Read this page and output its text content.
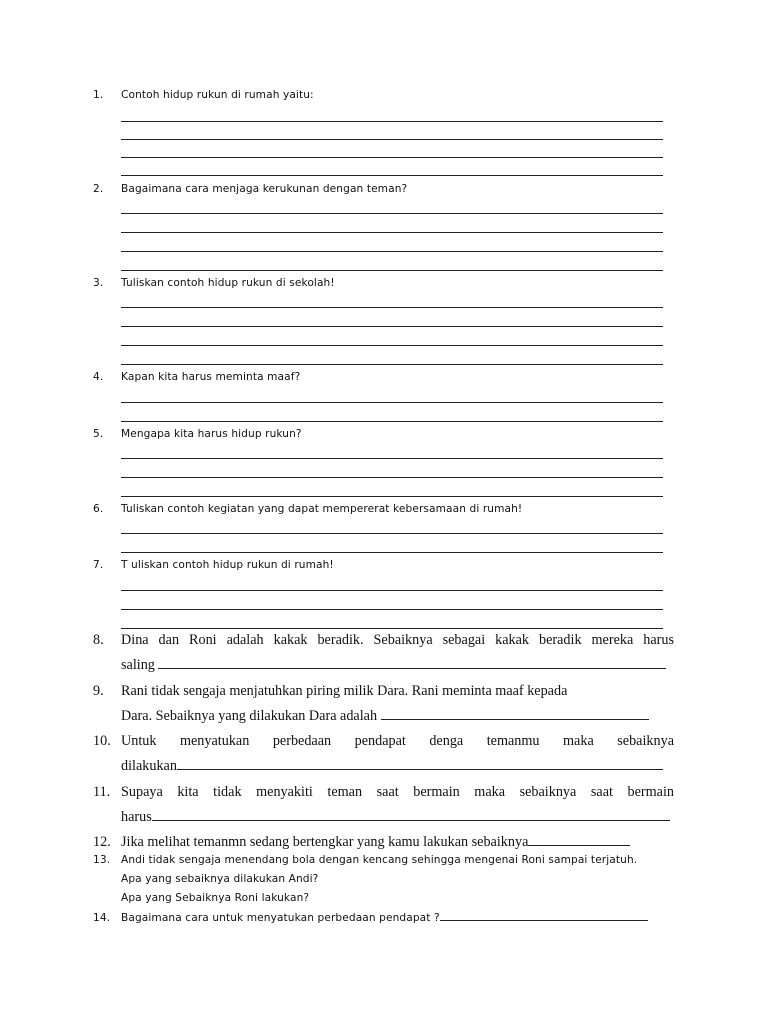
1. Contoh hidup rukun di rumah yaitu:
2. Bagaimana cara menjaga kerukunan dengan teman?
3. Tuliskan contoh hidup rukun di sekolah!
4. Kapan kita harus meminta maaf?
5. Mengapa kita harus hidup rukun?
6. Tuliskan contoh kegiatan yang dapat mempererat kebersamaan di rumah!
7. T uliskan contoh hidup rukun di rumah!
8. Dina dan Roni adalah kakak beradik. Sebaiknya sebagai kakak beradik mereka harus
saling
9. Rani tidak sengaja menjatuhkan piring milik Dara. Rani meminta maaf kepada
Dara. Sebaiknya yang dilakukan Dara adalah
10. Untuk menyatukan perbedaan pendapat denga temanmu maka sebaiknya
dilakukan
11. Supaya kita tidak menyakiti teman saat bermain maka sebaiknya saat bermain
harus
12. Jika melihat temanmn sedang bertengkar yang kamu lakukan sebaiknya
13. Andi tidak sengaja menendang bola dengan kencang sehingga mengenai Roni sampai terjatuh.
Apa yang sebaiknya dilakukan Andi?
Apa yang Sebaiknya Roni lakukan?
14. Bagaimana cara untuk menyatukan perbedaan pendapat ?
